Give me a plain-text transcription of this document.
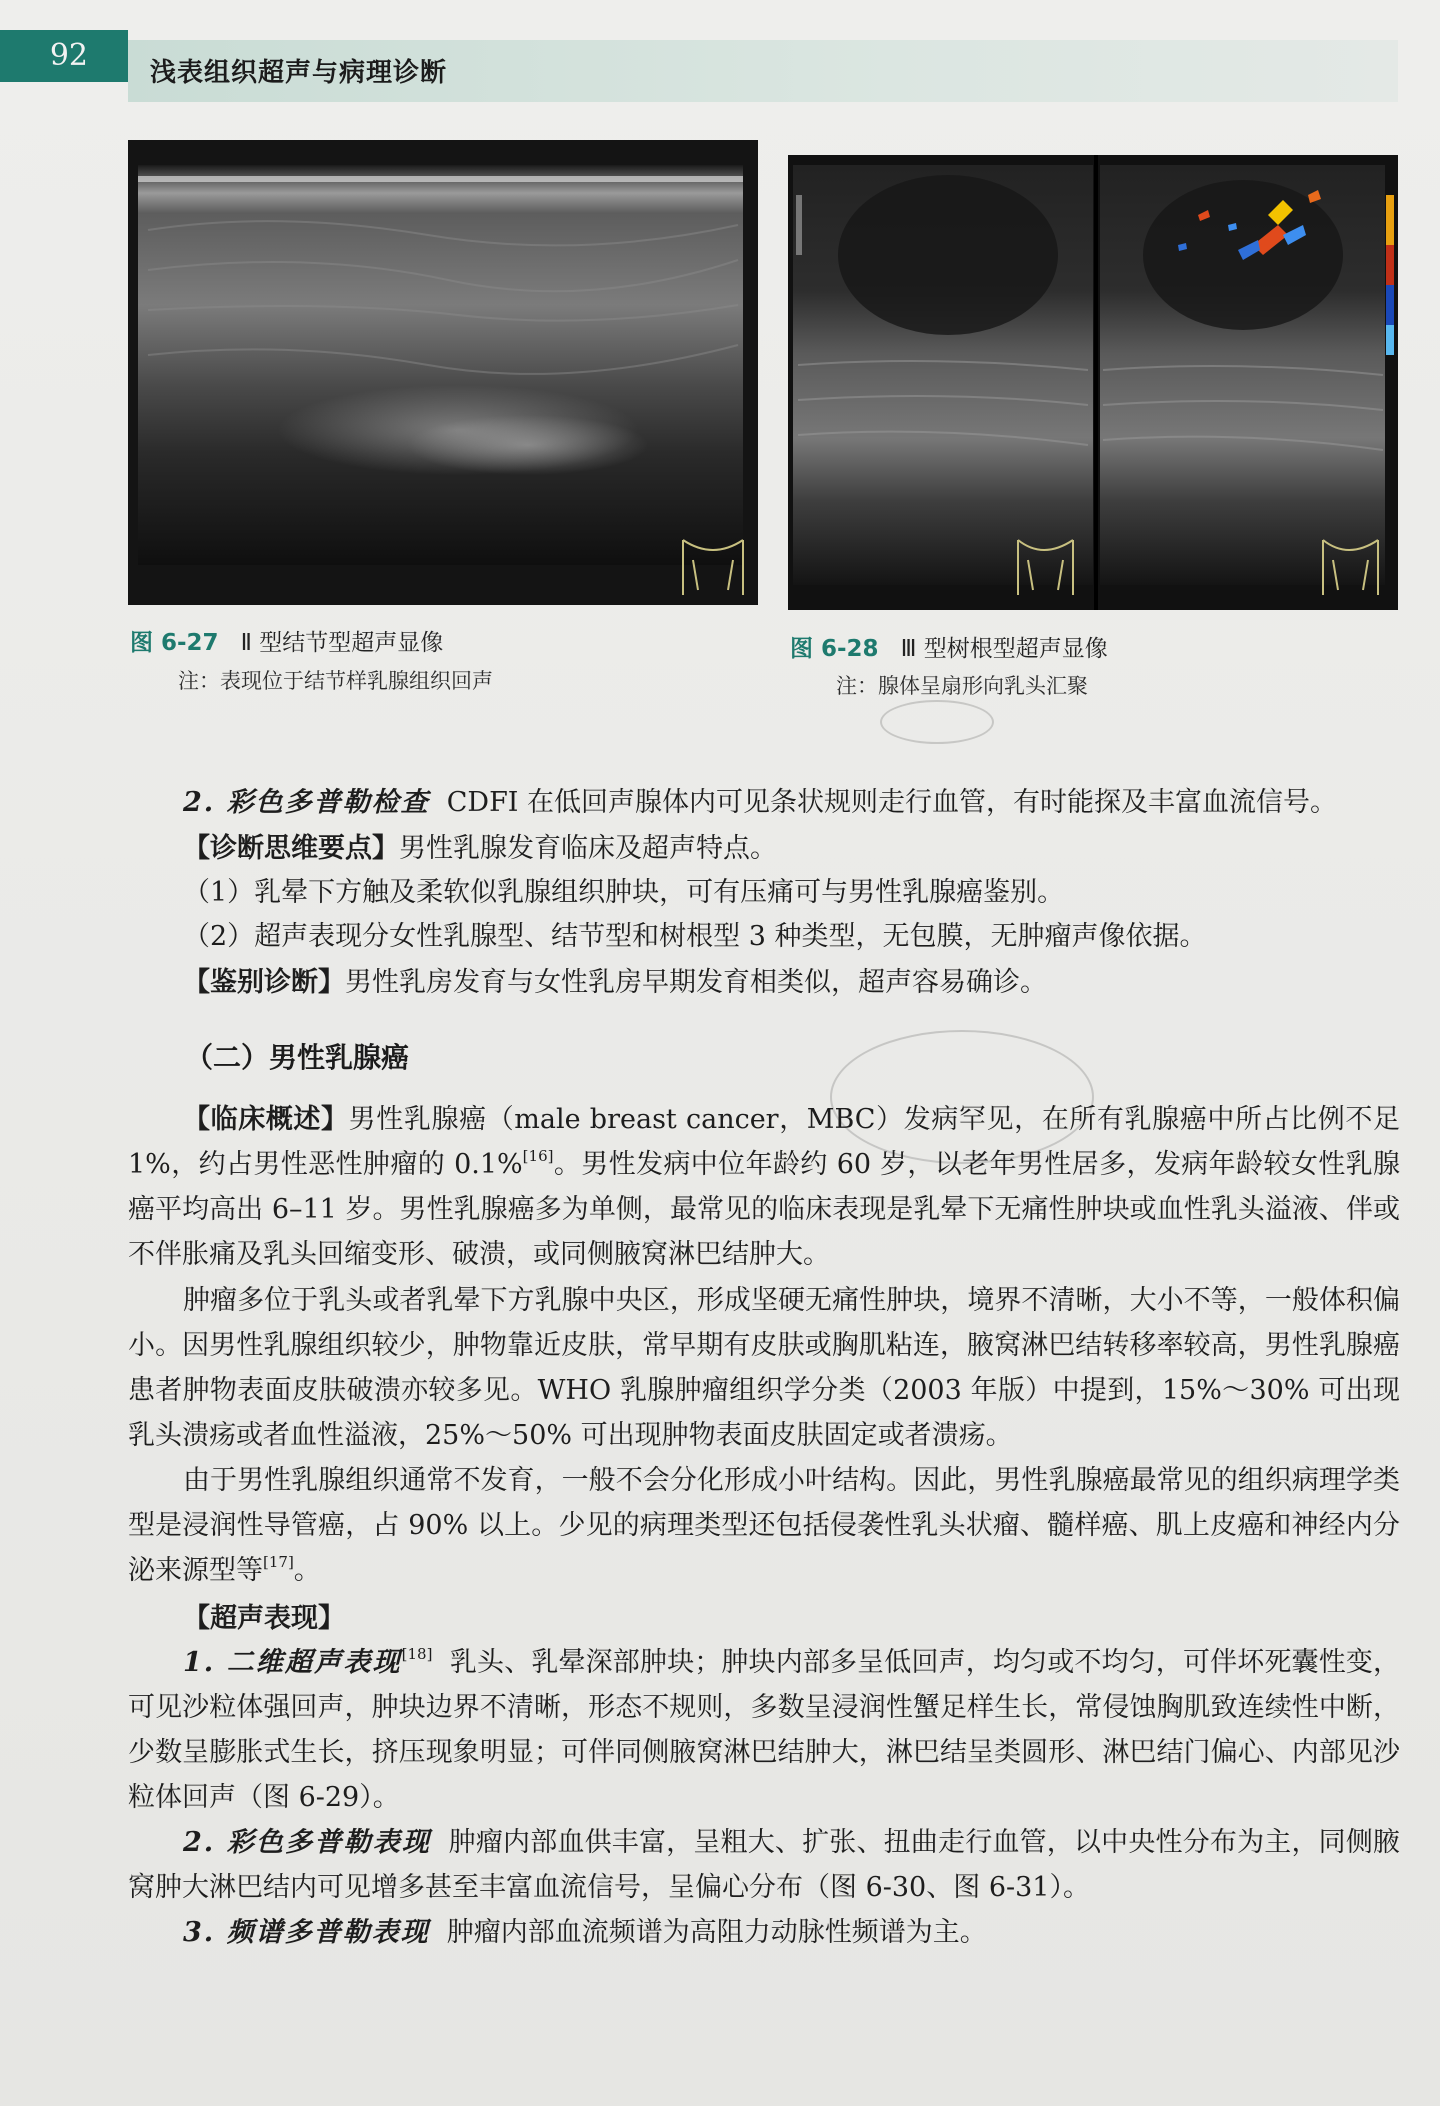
92	浅表组织超声与病理诊断
图 6-27 Ⅱ 型结节型超声显像
注：表现位于结节样乳腺组织回声
图 6-28 Ⅲ 型树根型超声显像
注：腺体呈扇形向乳头汇聚
2. 彩色多普勒检查 CDFI 在低回声腺体内可见条状规则走行血管，有时能探及丰富血流信号。
【诊断思维要点】男性乳腺发育临床及超声特点。
（1）乳晕下方触及柔软似乳腺组织肿块，可有压痛可与男性乳腺癌鉴别。
（2）超声表现分女性乳腺型、结节型和树根型 3 种类型，无包膜，无肿瘤声像依据。
【鉴别诊断】男性乳房发育与女性乳房早期发育相类似，超声容易确诊。
（二）男性乳腺癌
【临床概述】男性乳腺癌（male breast cancer，MBC）发病罕见，在所有乳腺癌中所占比例不足 1%，约占男性恶性肿瘤的 0.1%[16]。男性发病中位年龄约 60 岁，以老年男性居多，发病年龄较女性乳腺癌平均高出 6–11 岁。男性乳腺癌多为单侧，最常见的临床表现是乳晕下无痛性肿块或血性乳头溢液、伴或不伴胀痛及乳头回缩变形、破溃，或同侧腋窝淋巴结肿大。
肿瘤多位于乳头或者乳晕下方乳腺中央区，形成坚硬无痛性肿块，境界不清晰，大小不等，一般体积偏小。因男性乳腺组织较少，肿物靠近皮肤，常早期有皮肤或胸肌粘连，腋窝淋巴结转移率较高，男性乳腺癌患者肿物表面皮肤破溃亦较多见。WHO 乳腺肿瘤组织学分类（2003 年版）中提到，15%～30% 可出现乳头溃疡或者血性溢液，25%～50% 可出现肿物表面皮肤固定或者溃疡。
由于男性乳腺组织通常不发育，一般不会分化形成小叶结构。因此，男性乳腺癌最常见的组织病理学类型是浸润性导管癌，占 90% 以上。少见的病理类型还包括侵袭性乳头状瘤、髓样癌、肌上皮癌和神经内分泌来源型等[17]。
【超声表现】
1. 二维超声表现[18] 乳头、乳晕深部肿块；肿块内部多呈低回声，均匀或不均匀，可伴坏死囊性变，可见沙粒体强回声，肿块边界不清晰，形态不规则，多数呈浸润性蟹足样生长，常侵蚀胸肌致连续性中断，少数呈膨胀式生长，挤压现象明显；可伴同侧腋窝淋巴结肿大，淋巴结呈类圆形、淋巴结门偏心、内部见沙粒体回声（图 6-29）。
2. 彩色多普勒表现 肿瘤内部血供丰富，呈粗大、扩张、扭曲走行血管，以中央性分布为主，同侧腋窝肿大淋巴结内可见增多甚至丰富血流信号，呈偏心分布（图 6-30、图 6-31）。
3. 频谱多普勒表现 肿瘤内部血流频谱为高阻力动脉性频谱为主。
